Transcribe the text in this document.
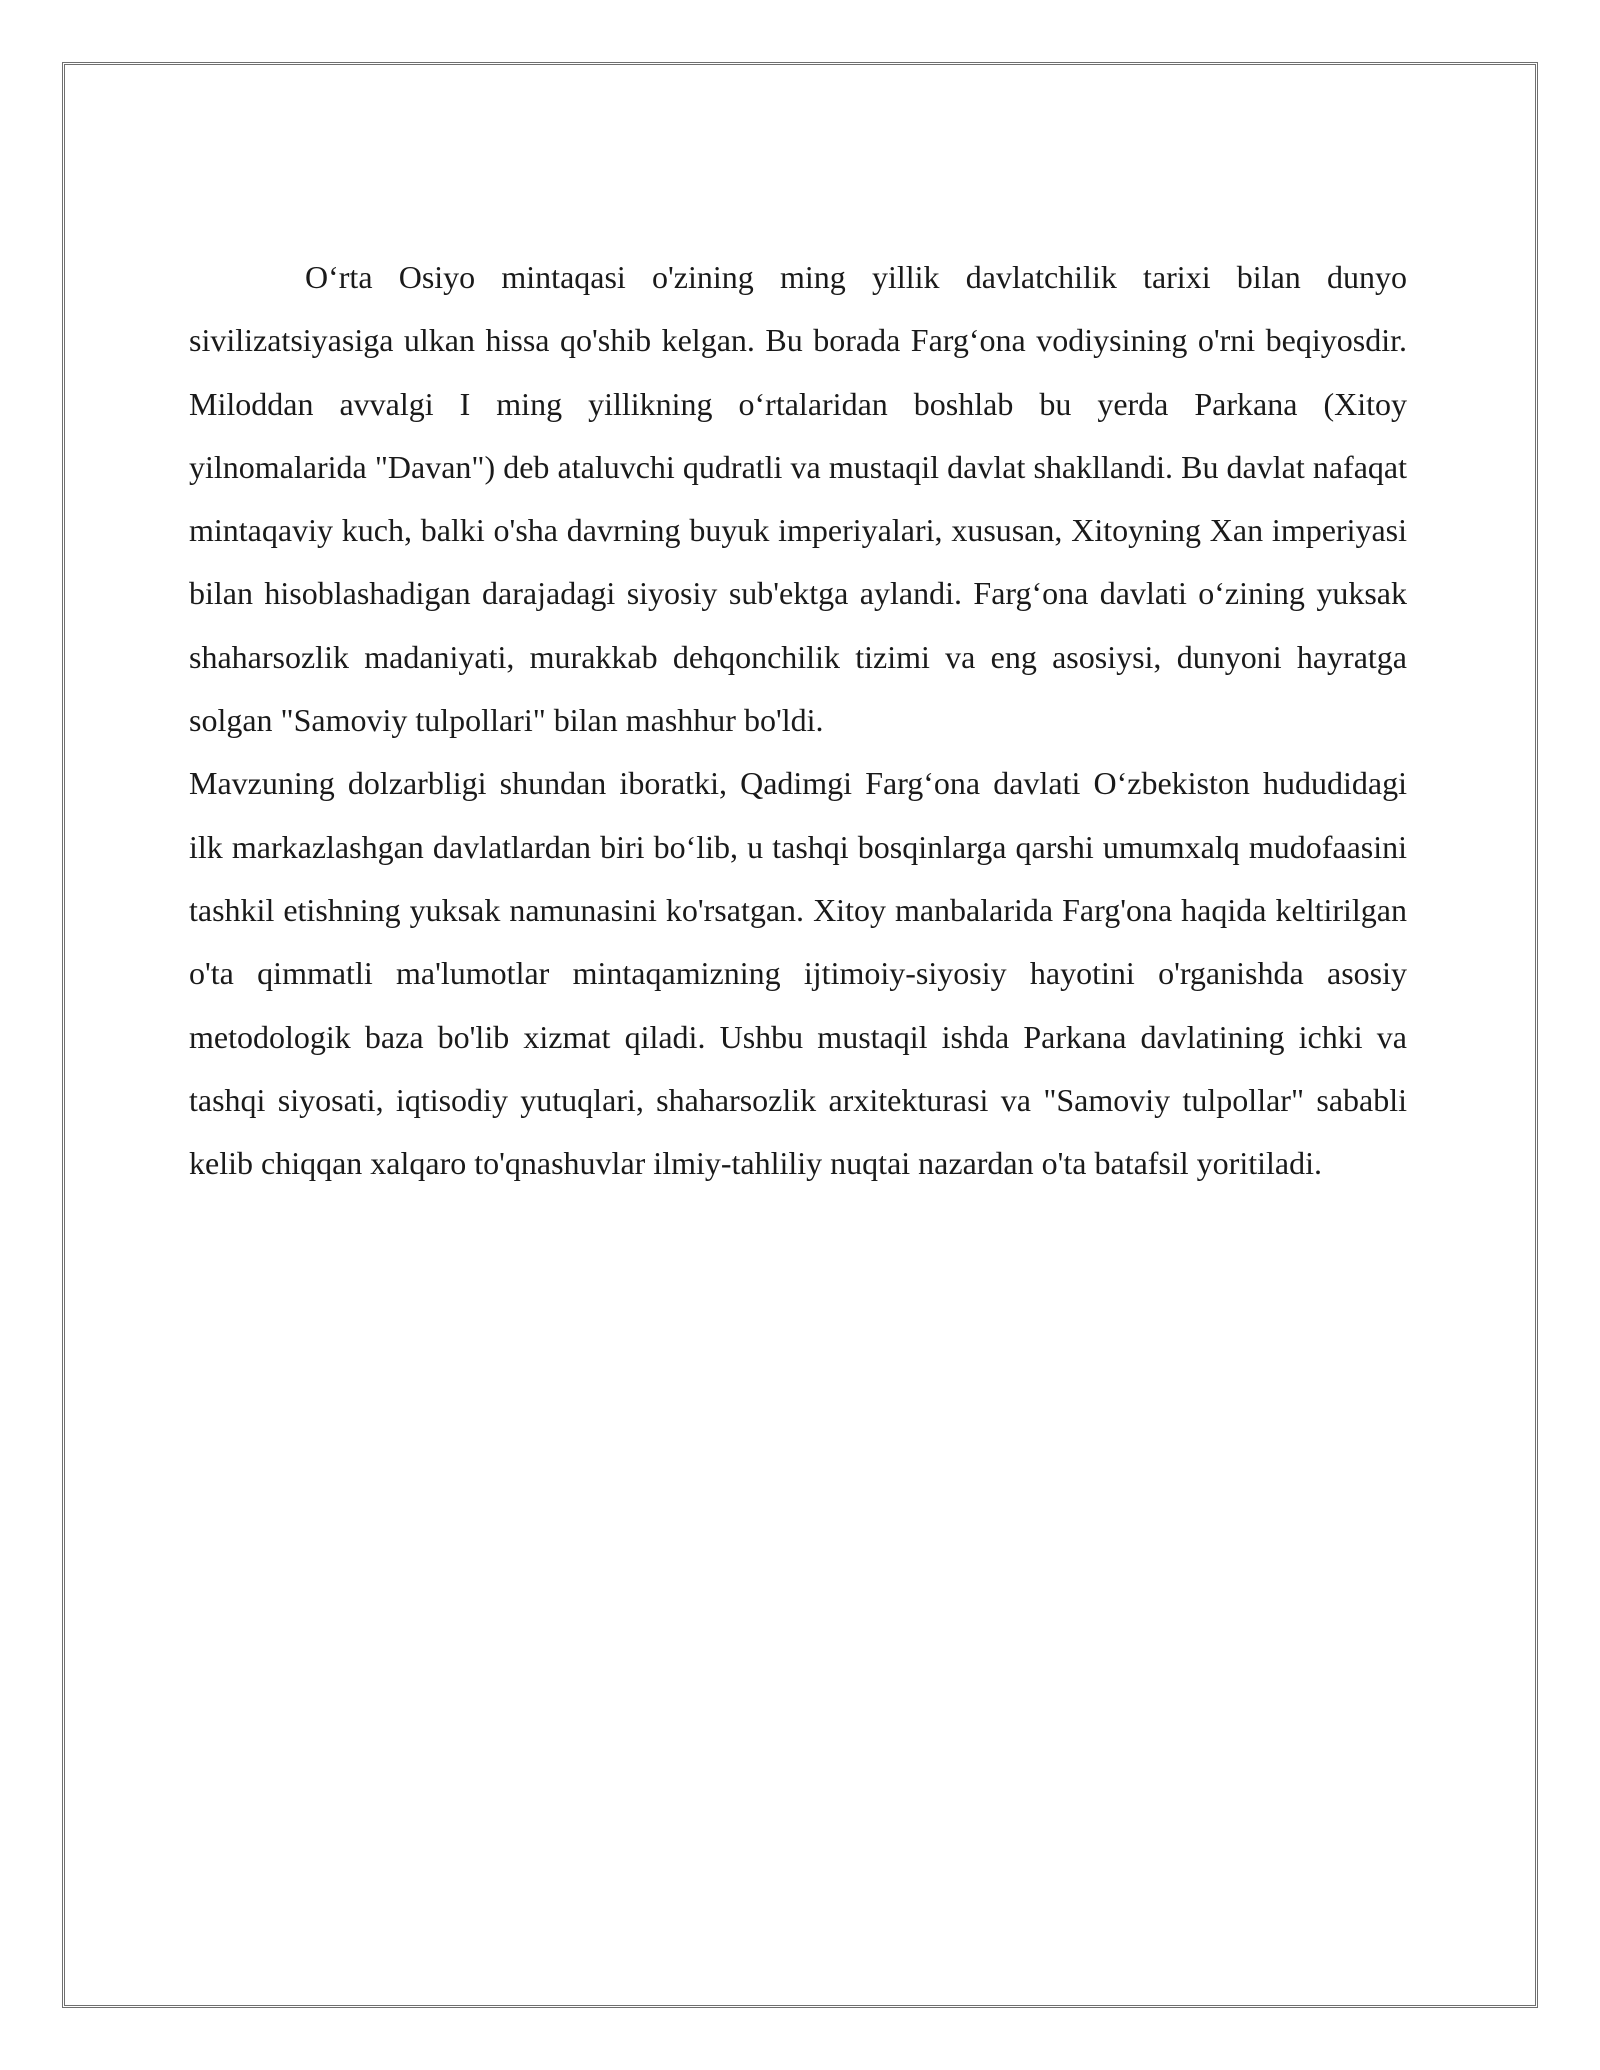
O‘rta Osiyo mintaqasi o'zining ming yillik davlatchilik tarixi bilan dunyo sivilizatsiyasiga ulkan hissa qo'shib kelgan. Bu borada Farg‘ona vodiysining o'rni beqiyosdir. Miloddan avvalgi I ming yillikning o‘rtalaridan boshlab bu yerda Parkana (Xitoy yilnomalarida "Davan") deb ataluvchi qudratli va mustaqil davlat shakllandi. Bu davlat nafaqat mintaqaviy kuch, balki o'sha davrning buyuk imperiyalari, xususan, Xitoyning Xan imperiyasi bilan hisoblashadigan darajadagi siyosiy sub'ektga aylandi. Farg‘ona davlati o‘zining yuksak shaharsozlik madaniyati, murakkab dehqonchilik tizimi va eng asosiysi, dunyoni hayratga solgan "Samoviy tulpollari" bilan mashhur bo'ldi.

Mavzuning dolzarbligi shundan iboratki, Qadimgi Farg‘ona davlati O‘zbekiston hududidagi ilk markazlashgan davlatlardan biri bo‘lib, u tashqi bosqinlarga qarshi umumxalq mudofaasini tashkil etishning yuksak namunasini ko'rsatgan. Xitoy manbalarida Farg'ona haqida keltirilgan o'ta qimmatli ma'lumotlar mintaqamizning ijtimoiy-siyosiy hayotini o'rganishda asosiy metodologik baza bo'lib xizmat qiladi. Ushbu mustaqil ishda Parkana davlatining ichki va tashqi siyosati, iqtisodiy yutuqlari, shaharsozlik arxitekturasi va "Samoviy tulpollar" sababli kelib chiqqan xalqaro to'qnashuvlar ilmiy-tahliliy nuqtai nazardan o'ta batafsil yoritiladi.
